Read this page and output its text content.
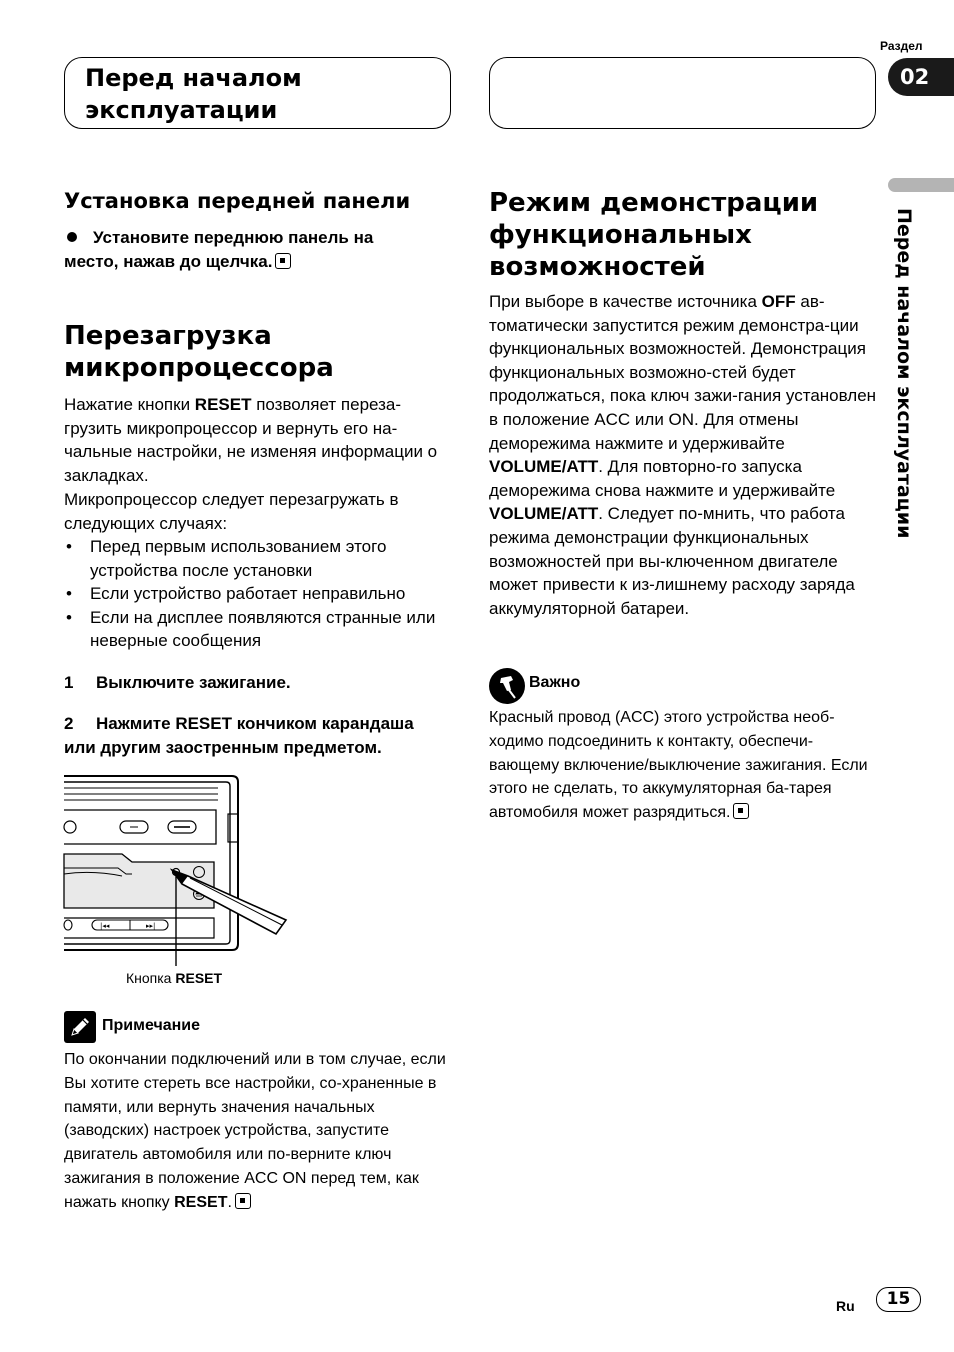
Перед началом эксплуатации
Раздел
02
Перед началом эксплуатации
Установка передней панели
Установите переднюю панель на место, нажав до щелчка.
Перезагрузка
микропроцессора
Нажатие кнопки RESET позволяет переза-грузить микропроцессор и вернуть его на-чальные настройки, не изменяя информации о закладках.
Микропроцессор следует перезагружать в следующих случаях:
• Перед первым использованием этого устройства после установки
• Если устройство работает неправильно
• Если на дисплее появляются странные или неверные сообщения
1 Выключите зажигание.
2 Нажмите RESET кончиком карандаша или другим заостренным предметом.
|◂◂	▸▸|
Кнопка RESET
Примечание
По окончании подключений или в том случае, если Вы хотите стереть все настройки, со-храненные в памяти, или вернуть значения начальных (заводских) настроек устройства, запустите двигатель автомобиля или по-верните ключ зажигания в положение ACC ON перед тем, как нажать кнопку RESET.
Режим демонстрации
функциональных
возможностей
При выборе в качестве источника OFF ав-томатически запустится режим демонстра-ции функциональных возможностей. Демонстрация функциональных возможно-стей будет продолжаться, пока ключ зажи-гания установлен в положение ACC или ON. Для отмены деморежима нажмите и удерживайте VOLUME/ATT. Для повторно-го запуска деморежима снова нажмите и удерживайте VOLUME/ATT. Следует по-мнить, что работа режима демонстрации функциональных возможностей при вы-ключенном двигателе может привести к из-лишнему расходу заряда аккумуляторной батареи.
Важно
Красный провод (ACC) этого устройства необ-ходимо подсоединить к контакту, обеспечи-вающему включение/выключение зажигания. Если этого не сделать, то аккумуляторная ба-тарея автомобиля может разрядиться.
Ru	15
